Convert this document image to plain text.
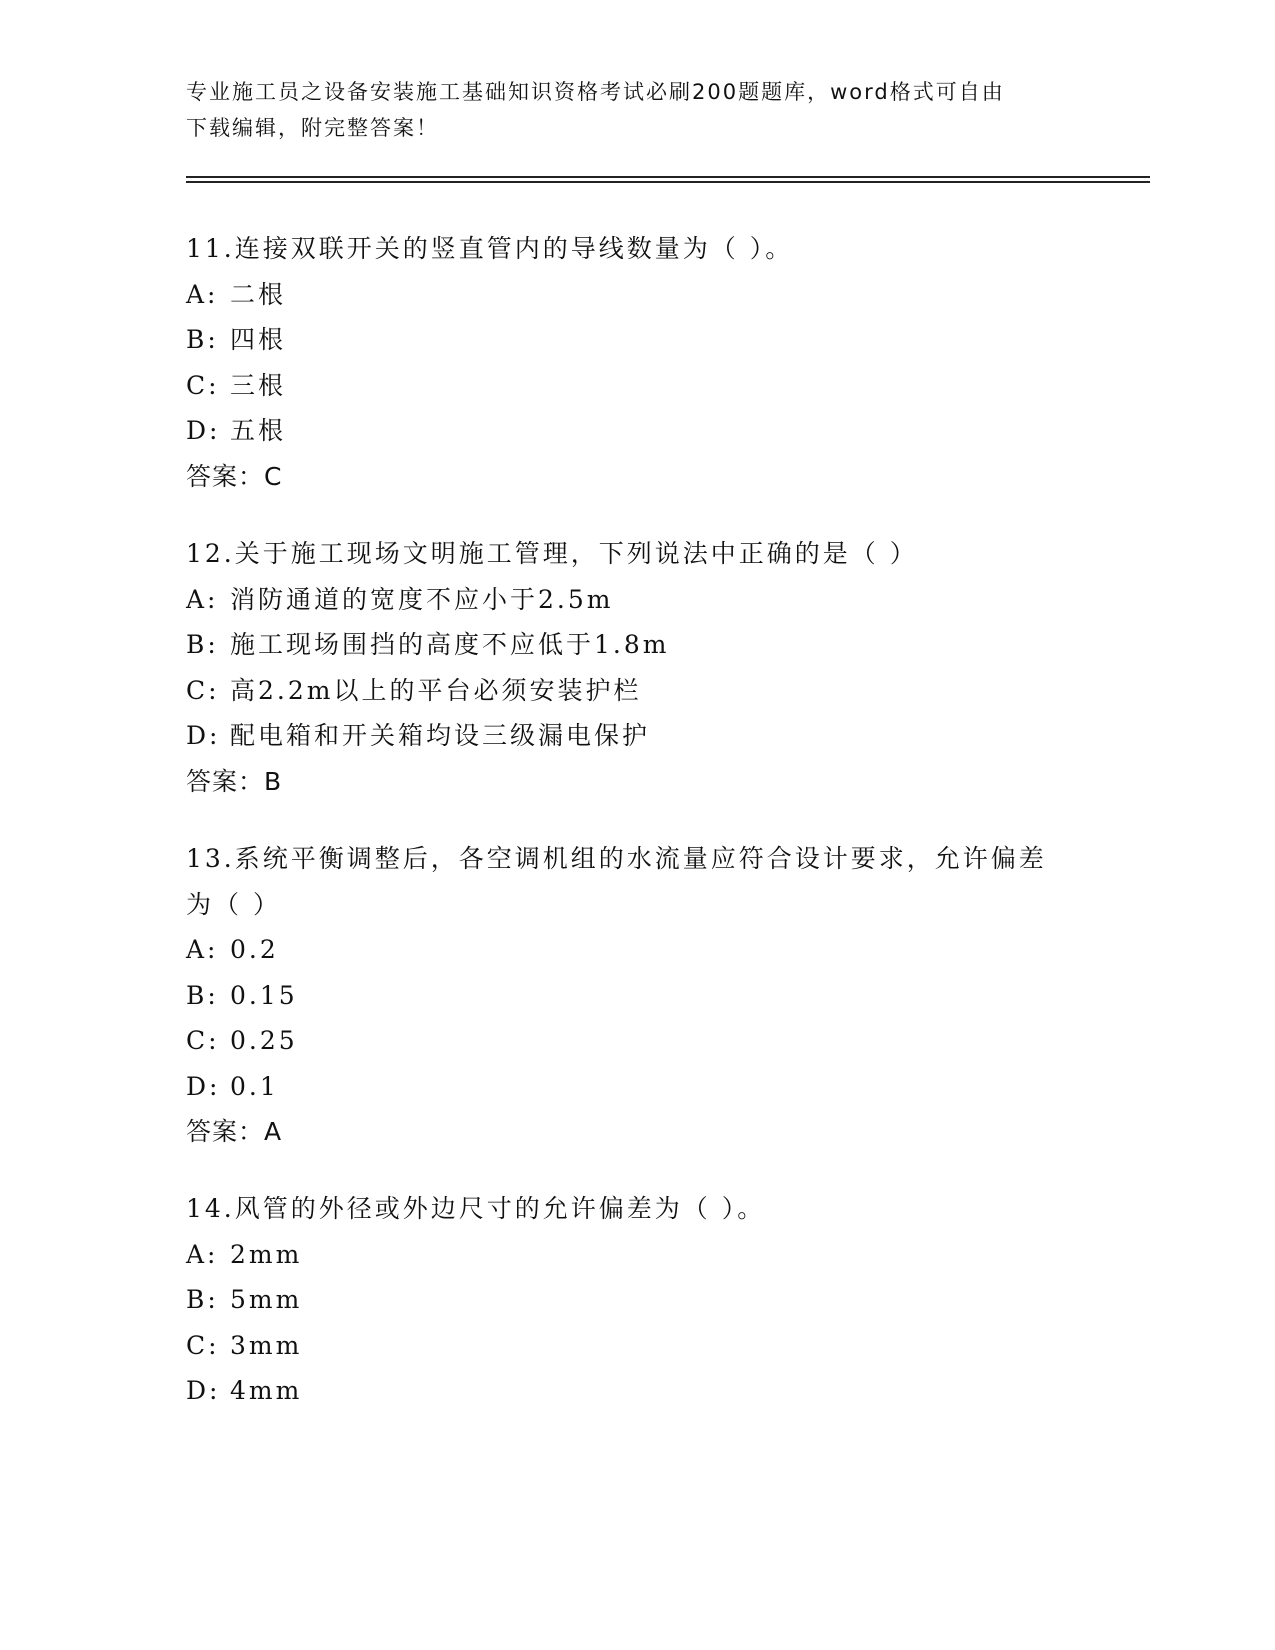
专业施工员之设备安装施工基础知识资格考试必刷200题题库，word格式可自由
下载编辑，附完整答案！
11.连接双联开关的竖直管内的导线数量为（ ）。
A: 二根
B: 四根
C: 三根
D: 五根
答案：C
12.关于施工现场文明施工管理，下列说法中正确的是（ ）
A: 消防通道的宽度不应小于2.5m
B: 施工现场围挡的高度不应低于1.8m
C: 高2.2m以上的平台必须安装护栏
D: 配电箱和开关箱均设三级漏电保护
答案：B
13.系统平衡调整后，各空调机组的水流量应符合设计要求，允许偏差
为（ ）
A: 0.2
B: 0.15
C: 0.25
D: 0.1
答案：A
14.风管的外径或外边尺寸的允许偏差为（ ）。
A: 2mm
B: 5mm
C: 3mm
D: 4mm
